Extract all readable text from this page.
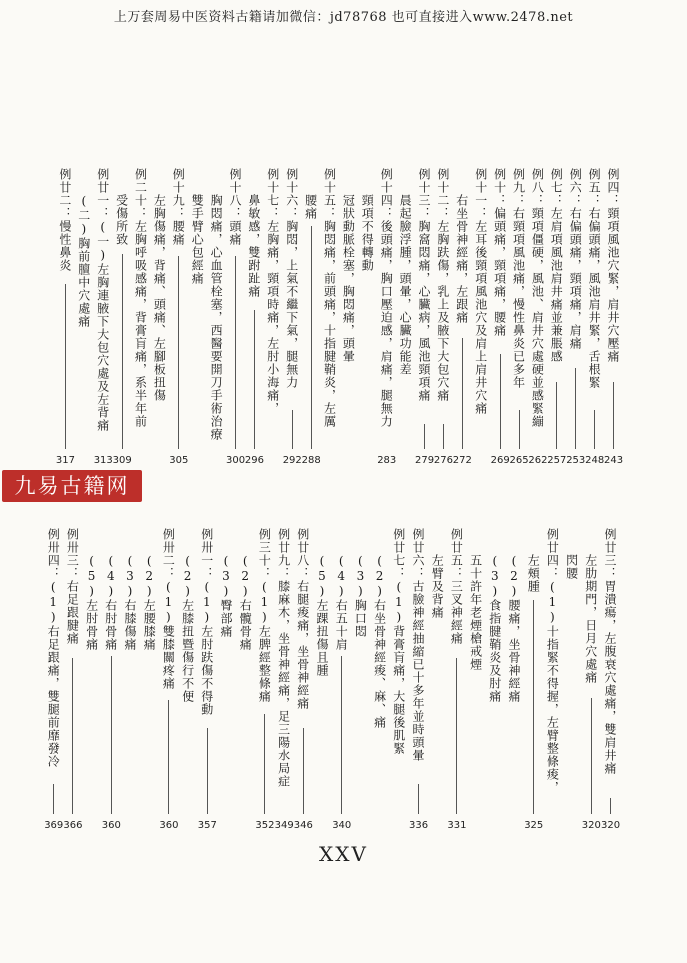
上万套周易中医资料古籍请加微信：jd78768 也可直接进入www.2478.net
例四：頸項風池穴緊，肩井穴壓痛
243
例五：右偏頭痛，風池肩井緊，舌根緊
248
例六：右偏頭痛，頸項痛，肩痛
253
例七：左肩項風池肩井痛並兼脹感
257
例八：頸項僵硬，風池、肩井穴處硬並感緊繃
262
例九：右頸項風池痛，慢性鼻炎已多年
265
例十：偏頭痛，頸項痛，腰痛
269
例十一：左耳後頸項風池穴及肩上肩井穴痛
右坐骨神經痛，左跟痛
272
例十二：左胸趺傷，乳上及腋下大包穴痛
276
例十三：胸窩悶痛，心臟病，風池頸項痛
279
晨起臉浮腫，頭暈，心臟功能差
例十四：後頭痛，胸口壓迫感，肩痛，腿無力
283
頸項不得轉動
冠狀動脈栓塞，胸悶痛，頭暈
例十五：胸悶痛，前頭痛，十指腱鞘炎，左厲
腰痛
288
例十六：胸悶，上氣不繼下氣，腿無力
292
例十七：左胸痛，頸項時痛，左肘小海痛，
鼻敏感，雙跗趾痛
296
例十八：頭痛
300
胸悶痛，心血管栓塞，西醫要開刀手術治療
雙手臂心包經痛
例十九：腰痛
305
左胸傷痛，背痛、頭痛、左腳板扭傷
例二十：左胸呼吸感痛，背膏肓痛，系半年前
受傷所致
309
例廿一：(一)左胸連腋下大包穴處及左背痛
313
(二)胸前膻中穴處痛
例廿二：慢性鼻炎
317
例廿三：胃潰瘍，左腹衰穴處痛，雙肩井痛
320
左肋期門，日月穴處痛
320
閃腰
例廿四：(1)十指緊不得握，左臂整條痠，
左頰腫
325
(2)腰痛，坐骨神經痛
(3)食指腱鞘炎及肘痛
五十許年老煙槍戒煙
例廿五：三叉神經痛
331
左臂及背痛
例廿六：古臉神經抽縮已十多年並時頭暈
336
例廿七：(1)背膏肓痛，大腿後肌緊
(2)右坐骨神經痠、麻、痛
(3)胸口悶
(4)右五十肩
340
(5)左踝扭傷且腫
例廿八：右腿痠痛，坐骨神經痛
346
例廿九：膝麻木，坐骨神經痛，足三陽水局症
349
例三十：(1)左脾經整條痛
352
(2)右髖骨痛
(3)臀部痛
例卅一：(1)左肘趺傷不得動
357
(2)左膝扭暨傷行不便
例卅二：(1)雙膝關疼痛
360
(2)左腰膝痛
(3)右膝傷痛
(4)右肘骨痛
360
(5)左肘骨痛
例卅三：右足跟腱痛
366
例卅四：(1)右足跟痛，雙腿前靡發冷
369
九易古籍网
XXV
